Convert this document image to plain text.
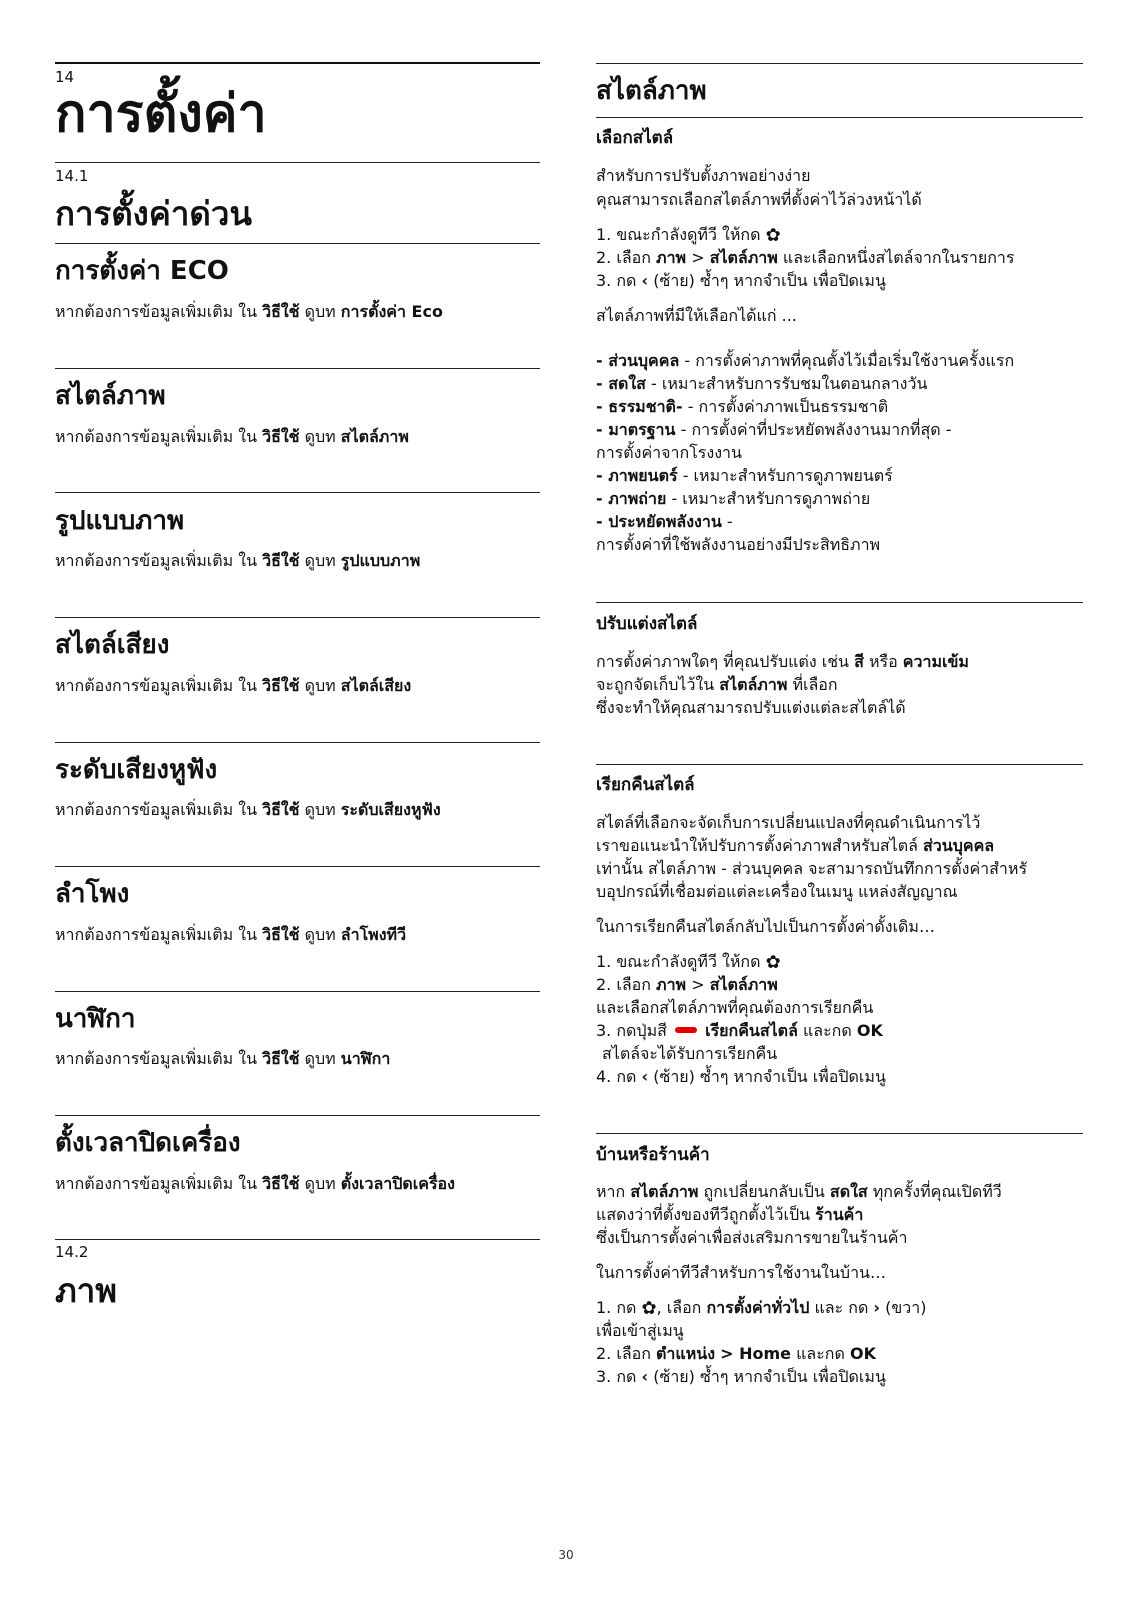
14
การตั้งค่า
14.1
การตั้งค่าด่วน
การตั้งค่า ECO
หากต้องการข้อมูลเพิ่มเติม ใน วิธีใช้ ดูบท การตั้งค่า Eco
สไตล์ภาพ
หากต้องการข้อมูลเพิ่มเติม ใน วิธีใช้ ดูบท สไตล์ภาพ
รูปแบบภาพ
หากต้องการข้อมูลเพิ่มเติม ใน วิธีใช้ ดูบท รูปแบบภาพ
สไตล์เสียง
หากต้องการข้อมูลเพิ่มเติม ใน วิธีใช้ ดูบท สไตล์เสียง
ระดับเสียงหูฟัง
หากต้องการข้อมูลเพิ่มเติม ใน วิธีใช้ ดูบท ระดับเสียงหูฟัง
ลำโพง
หากต้องการข้อมูลเพิ่มเติม ใน วิธีใช้ ดูบท ลำโพงทีวี
นาฬิกา
หากต้องการข้อมูลเพิ่มเติม ใน วิธีใช้ ดูบท นาฬิกา
ตั้งเวลาปิดเครื่อง
หากต้องการข้อมูลเพิ่มเติม ใน วิธีใช้ ดูบท ตั้งเวลาปิดเครื่อง
14.2
ภาพ
สไตล์ภาพ
เลือกสไตล์
สำหรับการปรับตั้งภาพอย่างง่าย
คุณสามารถเลือกสไตล์ภาพที่ตั้งค่าไว้ล่วงหน้าได้
1. ขณะกำลังดูทีวี ให้กด ✿
2. เลือก ภาพ > สไตล์ภาพ และเลือกหนึ่งสไตล์จากในรายการ
3. กด ‹ (ซ้าย) ซ้ำๆ หากจำเป็น เพื่อปิดเมนู
สไตล์ภาพที่มีให้เลือกได้แก่ ...
- ส่วนบุคคล - การตั้งค่าภาพที่คุณตั้งไว้เมื่อเริ่มใช้งานครั้งแรก
- สดใส - เหมาะสำหรับการรับชมในตอนกลางวัน
- ธรรมชาติ- - การตั้งค่าภาพเป็นธรรมชาติ
- มาตรฐาน - การตั้งค่าที่ประหยัดพลังงานมากที่สุด -
การตั้งค่าจากโรงงาน
- ภาพยนตร์ - เหมาะสำหรับการดูภาพยนตร์
- ภาพถ่าย - เหมาะสำหรับการดูภาพถ่าย
- ประหยัดพลังงาน -
การตั้งค่าที่ใช้พลังงานอย่างมีประสิทธิภาพ
ปรับแต่งสไตล์
การตั้งค่าภาพใดๆ ที่คุณปรับแต่ง เช่น สี หรือ ความเข้ม
จะถูกจัดเก็บไว้ใน สไตล์ภาพ ที่เลือก
ซึ่งจะทำให้คุณสามารถปรับแต่งแต่ละสไตล์ได้
เรียกคืนสไตล์
สไตล์ที่เลือกจะจัดเก็บการเปลี่ยนแปลงที่คุณดำเนินการไว้
เราขอแนะนำให้ปรับการตั้งค่าภาพสำหรับสไตล์ ส่วนบุคคล
เท่านั้น สไตล์ภาพ - ส่วนบุคคล จะสามารถบันทึกการตั้งค่าสำหรั
บอุปกรณ์ที่เชื่อมต่อแต่ละเครื่องในเมนู แหล่งสัญญาณ
ในการเรียกคืนสไตล์กลับไปเป็นการตั้งค่าดั้งเดิม…
1. ขณะกำลังดูทีวี ให้กด ✿
2. เลือก ภาพ > สไตล์ภาพ
และเลือกสไตล์ภาพที่คุณต้องการเรียกคืน
3. กดปุ่มสี เรียกคืนสไตล์ และกด OK
สไตล์จะได้รับการเรียกคืน
4. กด ‹ (ซ้าย) ซ้ำๆ หากจำเป็น เพื่อปิดเมนู
บ้านหรือร้านค้า
หาก สไตล์ภาพ ถูกเปลี่ยนกลับเป็น สดใส ทุกครั้งที่คุณเปิดทีวี
แสดงว่าที่ตั้งของทีวีถูกตั้งไว้เป็น ร้านค้า
ซึ่งเป็นการตั้งค่าเพื่อส่งเสริมการขายในร้านค้า
ในการตั้งค่าทีวีสำหรับการใช้งานในบ้าน…
1. กด ✿, เลือก การตั้งค่าทั่วไป และ กด › (ขวา)
เพื่อเข้าสู่เมนู
2. เลือก ตำแหน่ง > Home และกด OK
3. กด ‹ (ซ้าย) ซ้ำๆ หากจำเป็น เพื่อปิดเมนู
30
